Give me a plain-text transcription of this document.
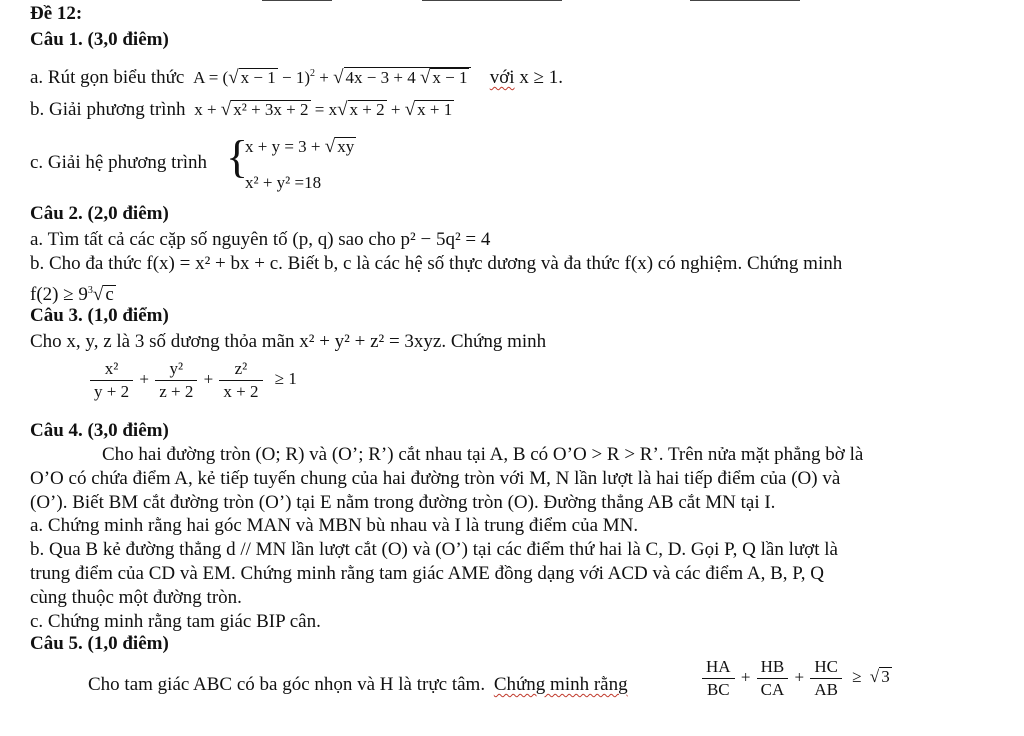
Đề 12:
Câu 1. (3,0 điêm)
a. Rút gọn biểu thức A = (√ x − 1 − 1)$^2$ + √ 4x − 3 + 4 √ x − 1 với x ≥ 1.
b. Giải phương trình x + √ x² + 3x + 2 = x√ x + 2 + √ x + 1
c. Giải hệ phương trình {
x + y = 3 + √ xy
x² + y² =18
Câu 2. (2,0 điêm)
a. Tìm tất cả các cặp số nguyên tố (p, q) sao cho p² − 5q² = 4
b. Cho đa thức f(x) = x² + bx + c. Biết b, c là các hệ số thực dương và đa thức f(x) có nghiệm. Chứng minh
$f(2) \ge 9^3√$ c
Câu 3. (1,0 điểm)
Cho x, y, z là 3 số dương thỏa mãn x² + y² + z² = 3xyz. Chứng minh
$\frac{\text{x²}}{y + 2} + \frac{\text{y²}}{z + 2} + \frac{\text{z²}}{x + 2} \ge 1$
Câu 4. (3,0 điêm)
Cho hai đường tròn (O; R) và (O’; R’) cắt nhau tại A, B có O’O > R > R’. Trên nửa mặt phẳng bờ là
O’O có chứa điểm A, kẻ tiếp tuyến chung của hai đường tròn với M, N lần lượt là hai tiếp điểm của (O) và
(O’). Biết BM cắt đường tròn (O’) tại E nằm trong đường tròn (O). Đường thẳng AB cắt MN tại I.
a. Chứng minh rằng hai góc MAN và MBN bù nhau và I là trung điểm của MN.
b. Qua B kẻ đường thẳng d // MN lần lượt cắt (O) và (O’) tại các điểm thứ hai là C, D. Gọi P, Q lần lượt là
trung điểm của CD và EM. Chứng minh rằng tam giác AME đồng dạng với ACD và các điểm A, B, P, Q
cùng thuộc một đường tròn.
c. Chứng minh rằng tam giác BIP cân.
Câu 5. (1,0 điêm)
Cho tam giác ABC có ba góc nhọn và H là trực tâm. Chứng minh rằng	$\frac{HA}{BC} + \frac{HB}{CA} + \frac{HC}{AB}$ ≥ √ 3
